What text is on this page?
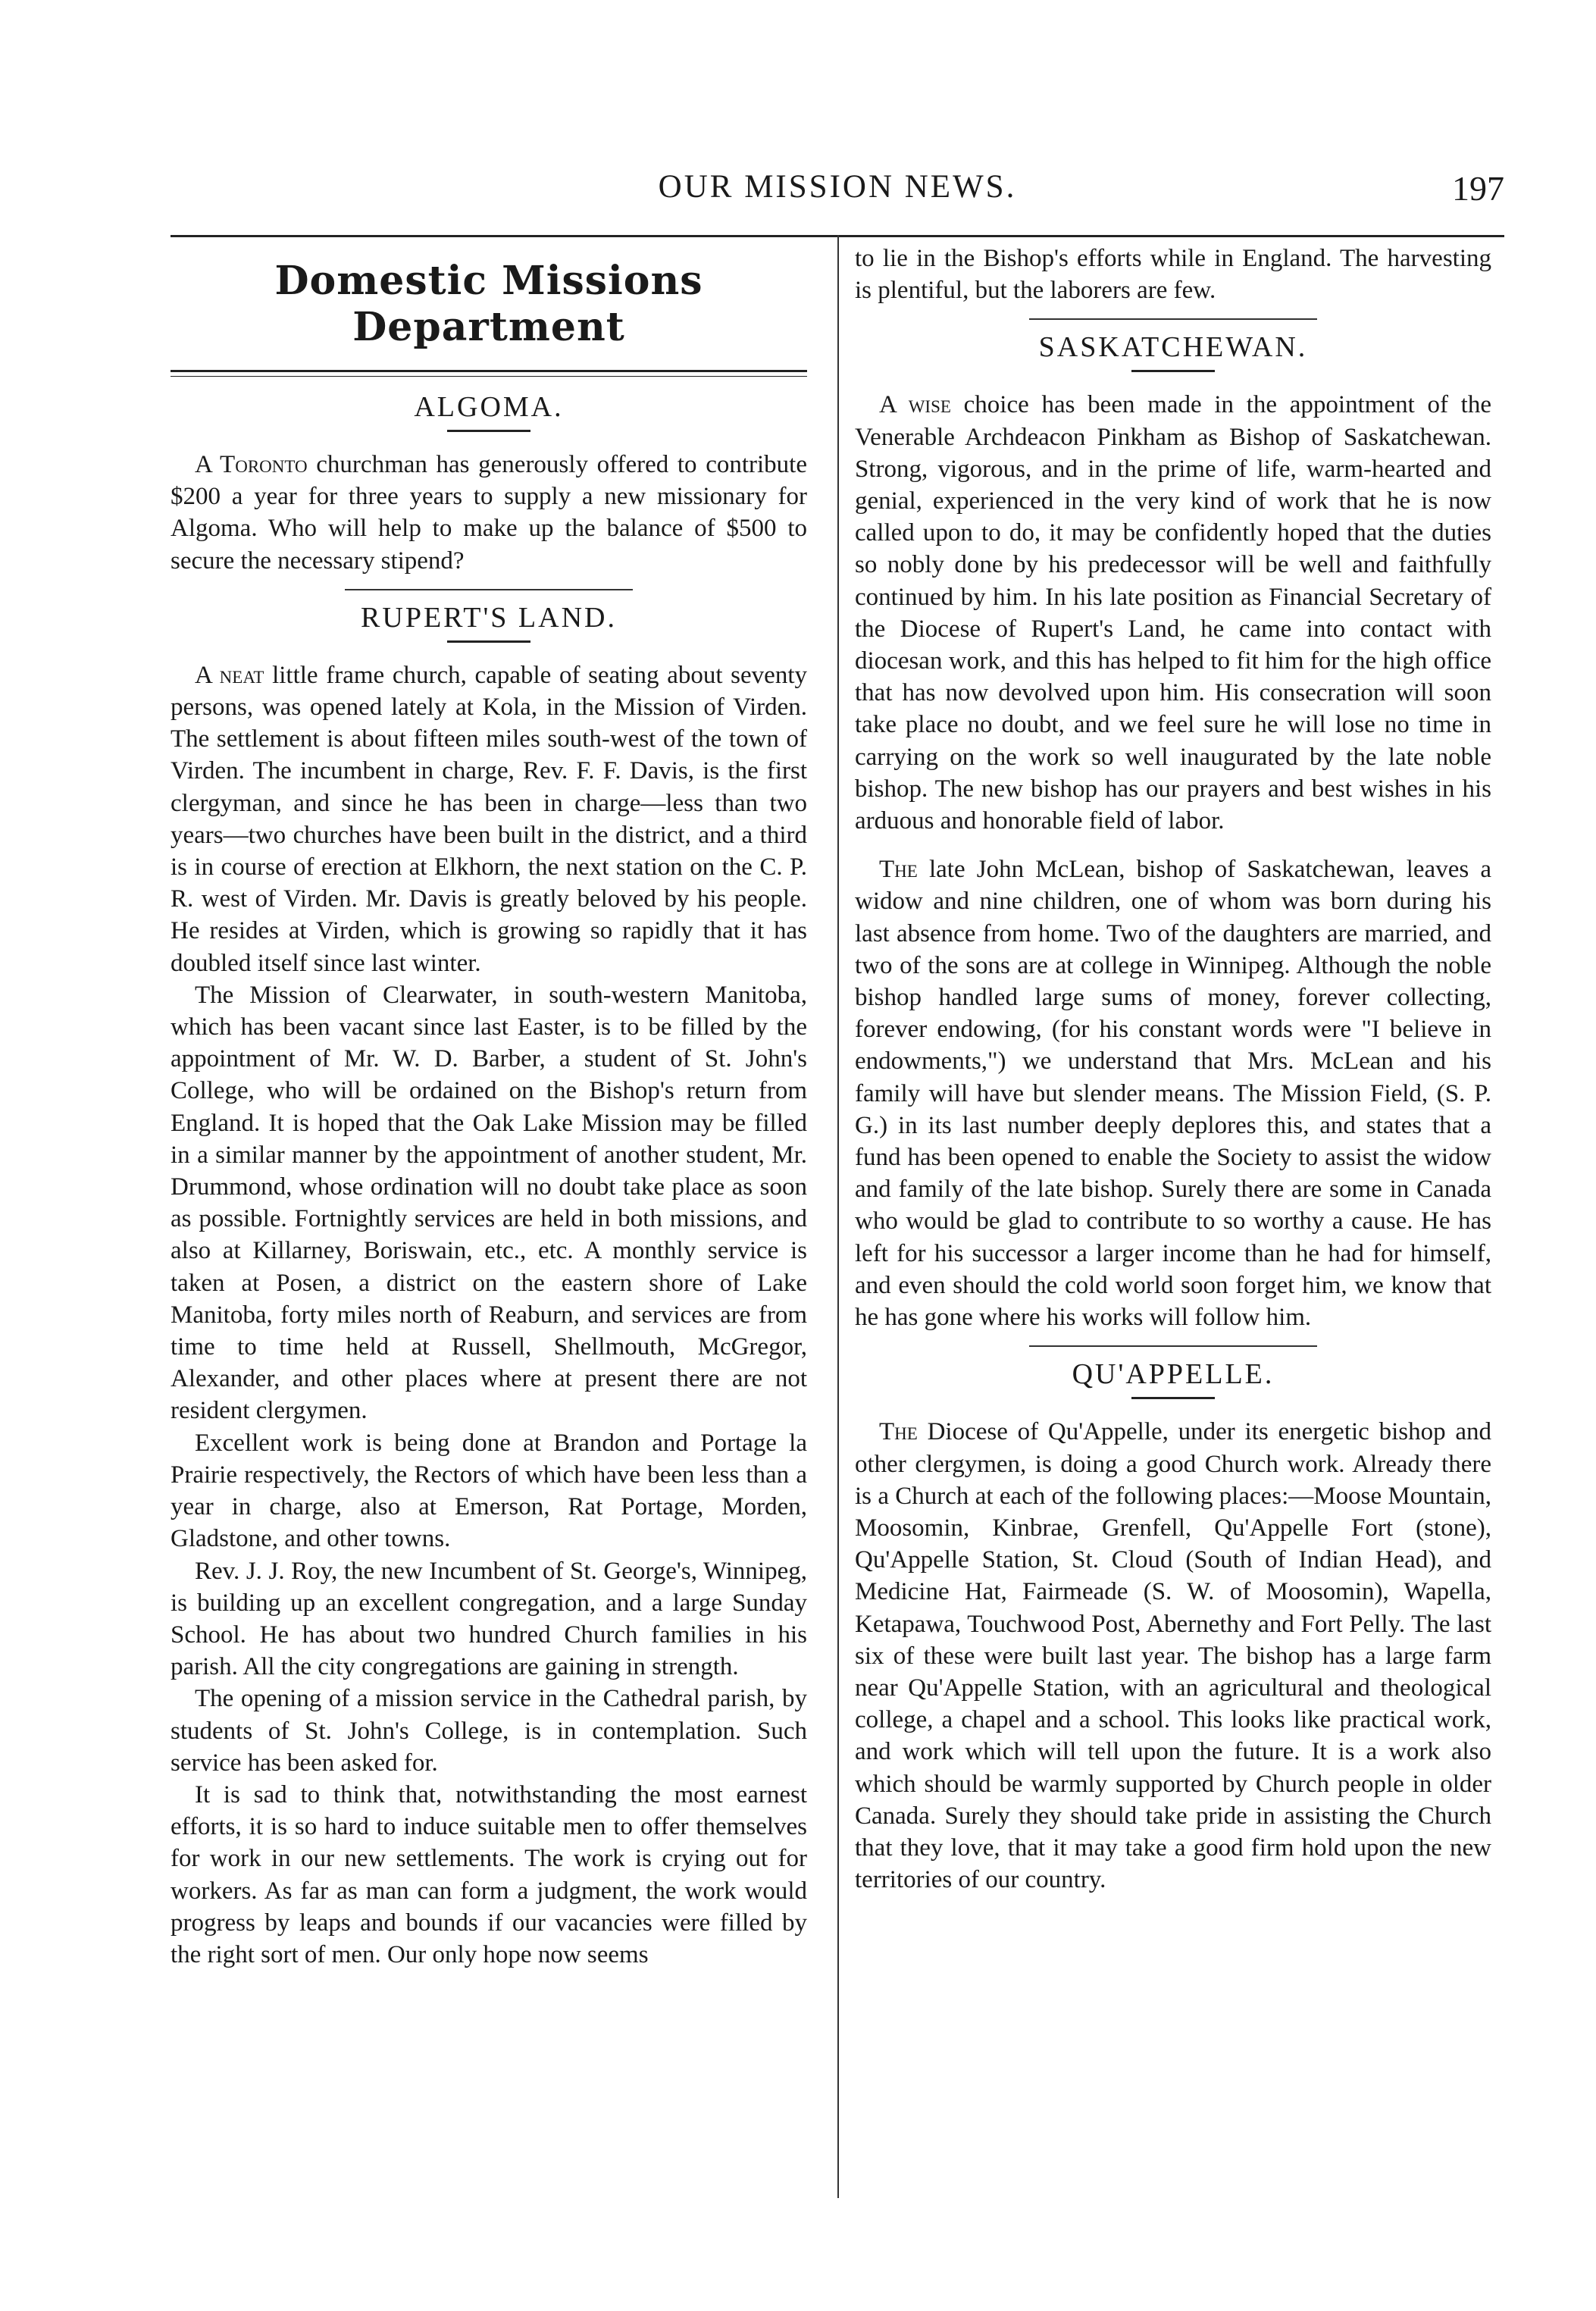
OUR MISSION NEWS.	197
Domestic Missions Department
ALGOMA.

A Toronto churchman has generously offered to contribute $200 a year for three years to supply a new missionary for Algoma. Who will help to make up the balance of $500 to secure the necessary stipend?

RUPERT'S LAND.

A neat little frame church, capable of seating about seventy persons, was opened lately at Kola, in the Mission of Virden. The settlement is about fifteen miles south-west of the town of Virden. The incumbent in charge, Rev. F. F. Davis, is the first clergyman, and since he has been in charge—less than two years—two churches have been built in the district, and a third is in course of erection at Elkhorn, the next station on the C. P. R. west of Virden. Mr. Davis is greatly beloved by his people. He resides at Virden, which is growing so rapidly that it has doubled itself since last winter.

The Mission of Clearwater, in south-western Manitoba, which has been vacant since last Easter, is to be filled by the appointment of Mr. W. D. Barber, a student of St. John's College, who will be ordained on the Bishop's return from England. It is hoped that the Oak Lake Mission may be filled in a similar manner by the appointment of another student, Mr. Drummond, whose ordination will no doubt take place as soon as possible. Fortnightly services are held in both missions, and also at Killarney, Boriswain, etc., etc. A monthly service is taken at Posen, a district on the eastern shore of Lake Manitoba, forty miles north of Reaburn, and services are from time to time held at Russell, Shellmouth, McGregor, Alexander, and other places where at present there are not resident clergymen.

Excellent work is being done at Brandon and Portage la Prairie respectively, the Rectors of which have been less than a year in charge, also at Emerson, Rat Portage, Morden, Gladstone, and other towns.

Rev. J. J. Roy, the new Incumbent of St. George's, Winnipeg, is building up an excellent congregation, and a large Sunday School. He has about two hundred Church families in his parish. All the city congregations are gaining in strength.

The opening of a mission service in the Cathedral parish, by students of St. John's College, is in contemplation. Such service has been asked for.

It is sad to think that, notwithstanding the most earnest efforts, it is so hard to induce suitable men to offer themselves for work in our new settlements. The work is crying out for workers. As far as man can form a judgment, the work would progress by leaps and bounds if our vacancies were filled by the right sort of men. Our only hope now seems

to lie in the Bishop's efforts while in England. The harvesting is plentiful, but the laborers are few.

SASKATCHEWAN.

A wise choice has been made in the appointment of the Venerable Archdeacon Pinkham as Bishop of Saskatchewan. Strong, vigorous, and in the prime of life, warm-hearted and genial, experienced in the very kind of work that he is now called upon to do, it may be confidently hoped that the duties so nobly done by his predecessor will be well and faithfully continued by him. In his late position as Financial Secretary of the Diocese of Rupert's Land, he came into contact with diocesan work, and this has helped to fit him for the high office that has now devolved upon him. His consecration will soon take place no doubt, and we feel sure he will lose no time in carrying on the work so well inaugurated by the late noble bishop. The new bishop has our prayers and best wishes in his arduous and honorable field of labor.

The late John McLean, bishop of Saskatchewan, leaves a widow and nine children, one of whom was born during his last absence from home. Two of the daughters are married, and two of the sons are at college in Winnipeg. Although the noble bishop handled large sums of money, forever collecting, forever endowing, (for his constant words were "I believe in endowments,") we understand that Mrs. McLean and his family will have but slender means. The Mission Field, (S. P. G.) in its last number deeply deplores this, and states that a fund has been opened to enable the Society to assist the widow and family of the late bishop. Surely there are some in Canada who would be glad to contribute to so worthy a cause. He has left for his successor a larger income than he had for himself, and even should the cold world soon forget him, we know that he has gone where his works will follow him.

QU'APPELLE.

The Diocese of Qu'Appelle, under its energetic bishop and other clergymen, is doing a good Church work. Already there is a Church at each of the following places:—Moose Mountain, Moosomin, Kinbrae, Grenfell, Qu'Appelle Fort (stone), Qu'Appelle Station, St. Cloud (South of Indian Head), and Medicine Hat, Fairmeade (S. W. of Moosomin), Wapella, Ketapawa, Touchwood Post, Abernethy and Fort Pelly. The last six of these were built last year. The bishop has a large farm near Qu'Appelle Station, with an agricultural and theological college, a chapel and a school. This looks like practical work, and work which will tell upon the future. It is a work also which should be warmly supported by Church people in older Canada. Surely they should take pride in assisting the Church that they love, that it may take a good firm hold upon the new territories of our country.
